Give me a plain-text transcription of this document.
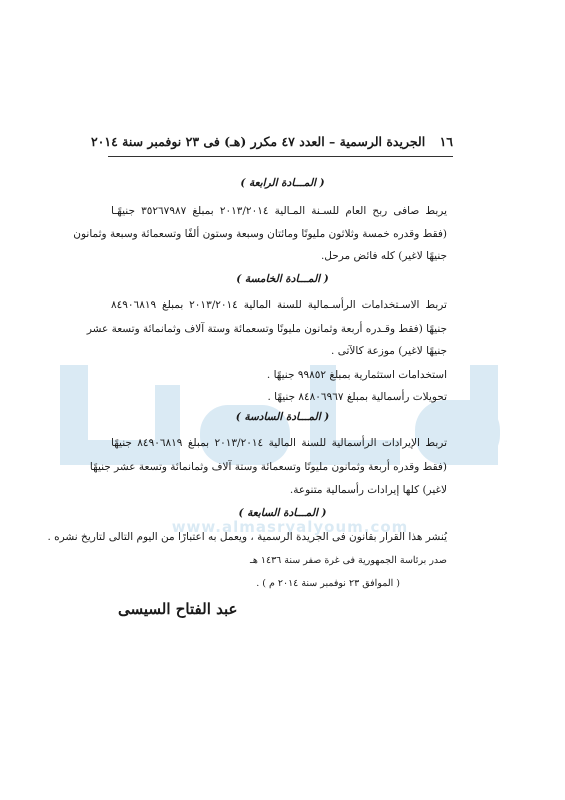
www.almasryalyoum.com
١٦ الجريدة الرسمية – العدد ٤٧ مكرر (هـ) فى ٢٣ نوفمبر سنة ٢٠١٤
( المـــادة الرابعة )
يربط صافى ربح العام للسـنة المـالية ٢٠١٣/٢٠١٤ بمبلغ ٣٥٢٦٧٩٨٧ جنيهًـا
(فقط وقدره خمسة وثلاثون مليونًا ومائتان وسبعة وستون ألفًا وتسعمائة وسبعة وثمانون
جنيهًا لاغير) كله فائض مرحل.
( المـــادة الخامسة )
تربط الاسـتخدامات الرأسـمالية للسنة المالية ٢٠١٣/٢٠١٤ بمبلغ ٨٤٩٠٦٨١٩
جنيهًا (فقط وقـدره أربعة وثمانون مليونًا وتسعمائة وستة آلاف وثمانمائة وتسعة عشر
جنيهًا لاغير) موزعة كالآتى .
استخدامات استثمارية بمبلغ ٩٩٨٥٢ جنيهًا .
تحويلات رأسمالية بمبلغ ٨٤٨٠٦٩٦٧ جنيهًا .
( المـــادة السادسة )
تربط الإيرادات الرأسمالية للسنة المالية ٢٠١٣/٢٠١٤ بمبلغ ٨٤٩٠٦٨١٩ جنيهًا
(فقط وقدره أربعة وثمانون مليونًا وتسعمائة وستة آلاف وثمانمائة وتسعة عشر جنيهًا
لاغير) كلها إيرادات رأسمالية متنوعة.
( المـــادة السابعة )
يُنشر هذا القرار بقانون فى الجريدة الرسمية ، ويعمل به اعتبارًا من اليوم التالى لتاريخ نشره .
صدر برئاسة الجمهورية فى غرة صفر سنة ١٤٣٦ هـ
( الموافق ٢٣ نوفمبر سنة ٢٠١٤ م ) .
عبد الفتاح السيسى
